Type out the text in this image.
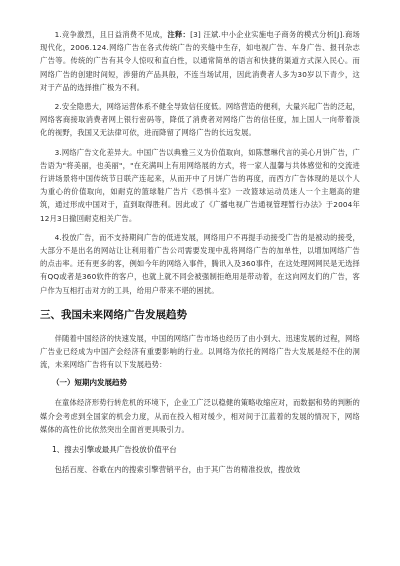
1.竞争激烈，且日益消费不见成，注释：[3] 汪斌.中小企业实施电子商务的模式分析[J].商场现代化，2006.124.网络广告在各式传统广告的夹缝中生存，如电视广告、车身广告、报刊杂志广告等。传统的广告有其令人惊叹和直白性，以通常简单的语言和快捷的渠道方式深入民心。而网络广告的创建时间短，涉猎的产品具般，不连当场试用，因此消费者人多为30岁以下青少，这对于产品的选择推广极为不利。

2.安全隐患大，网络运营体系不健全导致信任度低。网络营造的便利，大量兴起广告的泛起，网络客商接取消费者网上银行密码等，降低了消费者对网络广告的信任度，加上国人一向带着淡化的视野，我国又无法律可依，进而降留了网络广告的长远发展。

3.网络广告文化差异大。中国广告以典雅三义为价值取向，如陈慧琳代言的美心月饼广告，广告语为"将美丽，也美丽"，"在充满叫上有用网络展的方式，将一家人温馨与共体感觉和的交流进行讲场景将中国传统节日联产连起来，从而开中了月饼广告的再度，而西方广告体现的是以个人为重心的价值取向，如耐克的篮球鞋广告片《恐惧斗室》一改篮球运动员迷人一个主题高的建筑，通过形成中国对于，直到取得胜利。因此或了《广播电视广告通视管理暂行办法》于2004年12月3日撤回耐克相关广告。

4.投放广告，而不支持期间广告的低进发展，网络用户不再提手动接受广告的是被动的接受，大部分不是出名的网站让让利用着广告公司需要发现中乱将网络广告的加单性，以增加网络广告的点击率。还有更多的客，例如今年的网络入事件，腾讯入及360事件，在这处理网网民是无选择有QQ或者是360软件的客户，也就上就不同会被强制拒绝用是带动着，在这向网友们的广告，客户作为互相打击对方的工具，给用户带来不堪的困扰。

三、我国未来网络广告发展趋势

伴随着中国经济的快速发展，中国的网络广告市场也经历了由小到大、迅速发展的过程，网络广告业已经成为中国产会经济有重要影响的行业。以网络为依托的网络广告大发展是经不住的洞流，未来网络广告将有以下发展趋势：

（一）短期内发展趋势

在童体经济形势行转危机的环境下，企业工广泛以稳健的策略收缩应对，而数据和势的判断的媒介会考虑到全国家的机会力度，从而在投入相对缓少，相对间于江蓝着的发展的情况下，网络媒体的高性价比依然突出全面首更具吸引力。

1、搜去引擎或最具广告投放价值平台

包括百度、谷歌在内的搜索引擎营销平台，由于其广告的精准投放，搜放效
